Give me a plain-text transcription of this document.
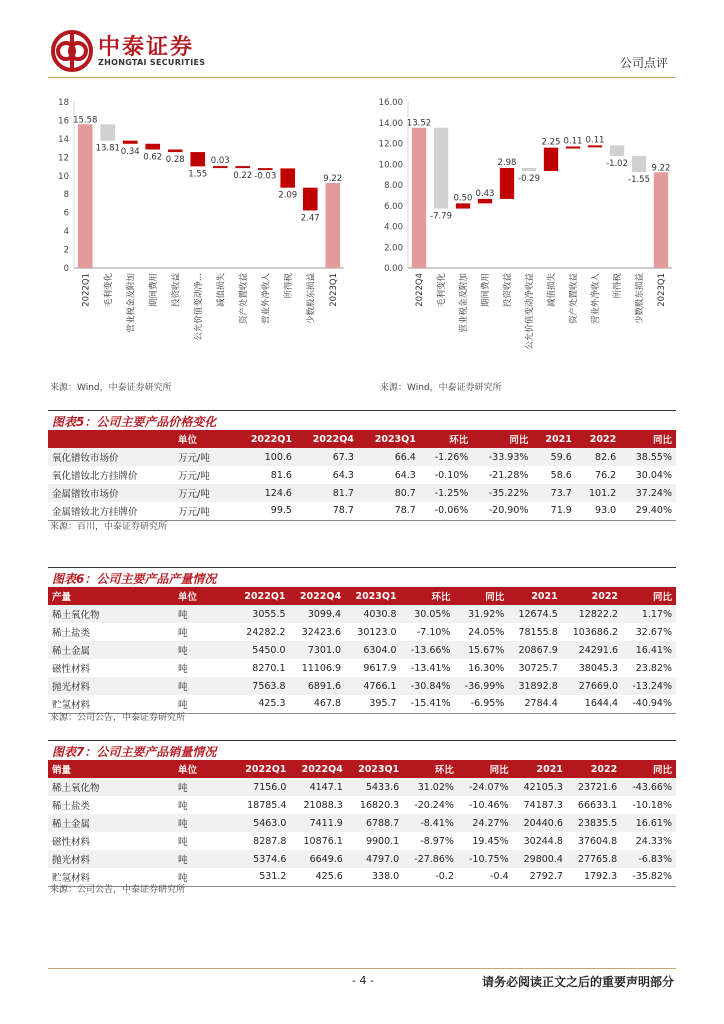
中泰证券
ZHONGTAI SECURITIES	公司点评
0
2
4
6
8
10
12
14
16
18
15.58
2022Q1
13.81
毛利变化
0.34
营业税金及附加
0.62
期间费用
0.28
投资收益
1.55
公允价值变动净...
0.03
减值损失
0.22
资产处置收益
-0.03
营业外净收入
2.09
所得税
2.47
少数股东损益
9.22
2023Q1
0.00
2.00
4.00
6.00
8.00
10.00
12.00
14.00
16.00
13.52
2022Q4
-7.79
毛利变化
0.50
营业税金及附加
0.43
期间费用
2.98
投资收益
-0.29
公允价值变动净收益
2.25
减值损失
0.11
资产处置收益
0.11
营业外净收入
-1.02
所得税
-1.55
少数股东损益
9.22
2023Q1
来源：Wind，中泰证券研究所	来源：Wind，中泰证券研究所
图表5：公司主要产品价格变化
	单位	2022Q1	2022Q4	2023Q1	环比	同比	2021	2022	同比
氧化镨钕市场价	万元/吨	100.6	67.3	66.4	-1.26%	-33.93%	59.6	82.6	38.55%
氧化镨钕北方挂牌价	万元/吨	81.6	64.3	64.3	-0.10%	-21.28%	58.6	76.2	30.04%
金属镨钕市场价	万元/吨	124.6	81.7	80.7	-1.25%	-35.22%	73.7	101.2	37.24%
金属镨钕北方挂牌价	万元/吨	99.5	78.7	78.7	-0.06%	-20.90%	71.9	93.0	29.40%
来源：百川，中泰证券研究所
图表6：公司主要产品产量情况
产量	单位	2022Q1	2022Q4	2023Q1	环比	同比	2021	2022	同比
稀土氧化物	吨	3055.5	3099.4	4030.8	30.05%	31.92%	12674.5	12822.2	1.17%
稀土盐类	吨	24282.2	32423.6	30123.0	-7.10%	24.05%	78155.8	103686.2	32.67%
稀土金属	吨	5450.0	7301.0	6304.0	-13.66%	15.67%	20867.9	24291.6	16.41%
磁性材料	吨	8270.1	11106.9	9617.9	-13.41%	16.30%	30725.7	38045.3	23.82%
抛光材料	吨	7563.8	6891.6	4766.1	-30.84%	-36.99%	31892.8	27669.0	-13.24%
贮氢材料	吨	425.3	467.8	395.7	-15.41%	-6.95%	2784.4	1644.4	-40.94%
来源：公司公告，中泰证券研究所
图表7：公司主要产品销量情况
销量	单位	2022Q1	2022Q4	2023Q1	环比	同比	2021	2022	同比
稀土氧化物	吨	7156.0	4147.1	5433.6	31.02%	-24.07%	42105.3	23721.6	-43.66%
稀土盐类	吨	18785.4	21088.3	16820.3	-20.24%	-10.46%	74187.3	66633.1	-10.18%
稀土金属	吨	5463.0	7411.9	6788.7	-8.41%	24.27%	20440.6	23835.5	16.61%
磁性材料	吨	8287.8	10876.1	9900.1	-8.97%	19.45%	30244.8	37604.8	24.33%
抛光材料	吨	5374.6	6649.6	4797.0	-27.86%	-10.75%	29800.4	27765.8	-6.83%
贮氢材料	吨	531.2	425.6	338.0	-0.2	-0.4	2792.7	1792.3	-35.82%
来源：公司公告，中泰证券研究所
- 4 -	请务必阅读正文之后的重要声明部分
